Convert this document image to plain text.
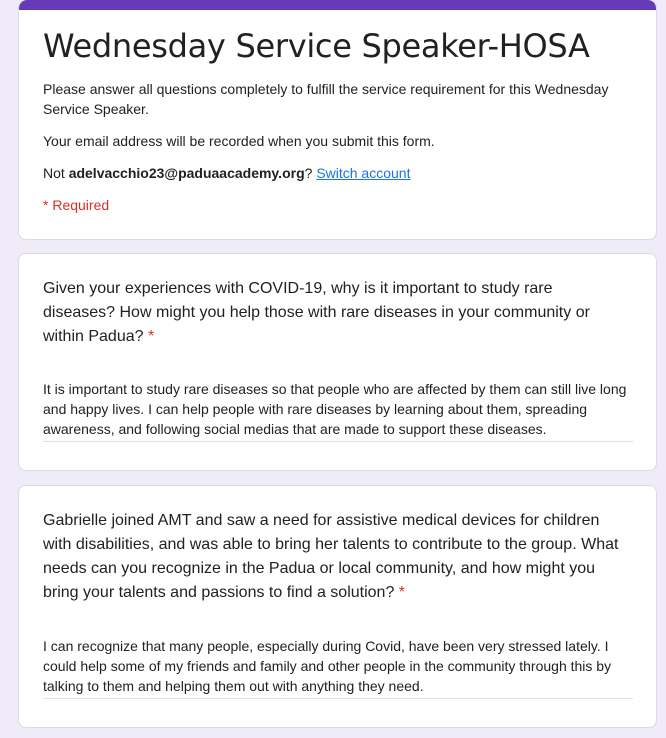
Wednesday Service Speaker-HOSA
Please answer all questions completely to fulfill the service requirement for this Wednesday Service Speaker.
Your email address will be recorded when you submit this form.
Not adelvacchio23@paduaacademy.org? Switch account
* Required
Given your experiences with COVID-19, why is it important to study rare diseases? How might you help those with rare diseases in your community or within Padua? *
It is important to study rare diseases so that people who are affected by them can still live long and happy lives. I can help people with rare diseases by learning about them, spreading awareness, and following social medias that are made to support these diseases.
Gabrielle joined AMT and saw a need for assistive medical devices for children with disabilities, and was able to bring her talents to contribute to the group. What needs can you recognize in the Padua or local community, and how might you bring your talents and passions to find a solution? *
I can recognize that many people, especially during Covid, have been very stressed lately. I could help some of my friends and family and other people in the community through this by talking to them and helping them out with anything they need.
